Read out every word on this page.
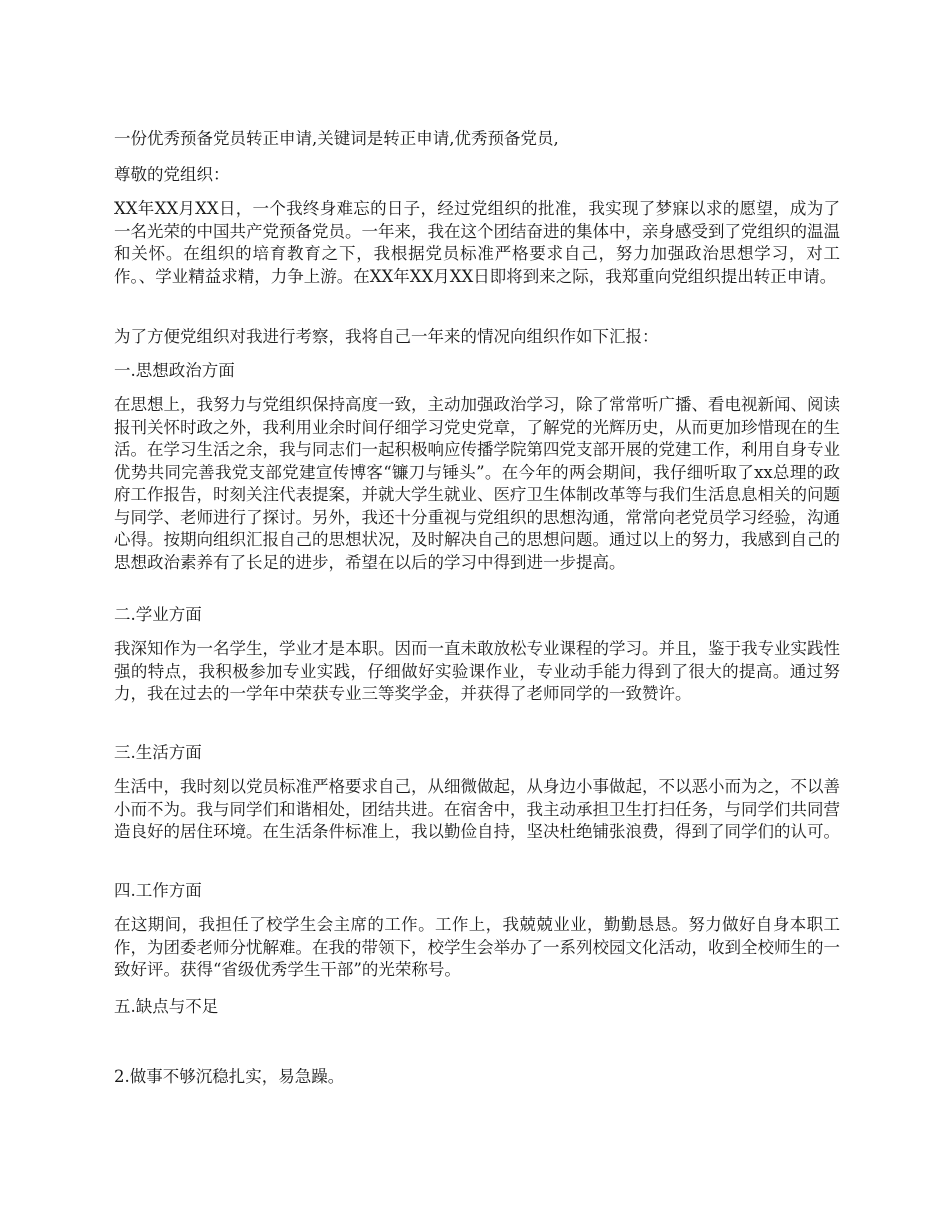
一份优秀预备党员转正申请,关键词是转正申请,优秀预备党员,

尊敬的党组织：

XX年XX月XX日，一个我终身难忘的日子，经过党组织的批准，我实现了梦寐以求的愿望，成为了一名光荣的中国共产党预备党员。一年来，我在这个团结奋进的集体中，亲身感受到了党组织的温温和关怀。在组织的培育教育之下，我根据党员标准严格要求自己，努力加强政治思想学习，对工作。、学业精益求精，力争上游。在XX年XX月XX日即将到来之际，我郑重向党组织提出转正申请。

为了方便党组织对我进行考察，我将自己一年来的情况向组织作如下汇报：

一.思想政治方面

在思想上，我努力与党组织保持高度一致，主动加强政治学习，除了常常听广播、看电视新闻、阅读报刊关怀时政之外，我利用业余时间仔细学习党史党章，了解党的光辉历史，从而更加珍惜现在的生活。在学习生活之余，我与同志们一起积极响应传播学院第四党支部开展的党建工作，利用自身专业优势共同完善我党支部党建宣传博客“镰刀与锤头”。在今年的两会期间，我仔细听取了xx总理的政府工作报告，时刻关注代表提案，并就大学生就业、医疗卫生体制改革等与我们生活息息相关的问题与同学、老师进行了探讨。另外，我还十分重视与党组织的思想沟通，常常向老党员学习经验，沟通心得。按期向组织汇报自己的思想状况，及时解决自己的思想问题。通过以上的努力，我感到自己的思想政治素养有了长足的进步，希望在以后的学习中得到进一步提高。

二.学业方面

我深知作为一名学生，学业才是本职。因而一直未敢放松专业课程的学习。并且，鉴于我专业实践性强的特点，我积极参加专业实践，仔细做好实验课作业，专业动手能力得到了很大的提高。通过努力，我在过去的一学年中荣获专业三等奖学金，并获得了老师同学的一致赞许。

三.生活方面

生活中，我时刻以党员标准严格要求自己，从细微做起，从身边小事做起，不以恶小而为之，不以善小而不为。我与同学们和谐相处，团结共进。在宿舍中，我主动承担卫生打扫任务，与同学们共同营造良好的居住环境。在生活条件标准上，我以勤俭自持，坚决杜绝铺张浪费，得到了同学们的认可。

四.工作方面

在这期间，我担任了校学生会主席的工作。工作上，我兢兢业业，勤勤恳恳。努力做好自身本职工作，为团委老师分忧解难。在我的带领下，校学生会举办了一系列校园文化活动，收到全校师生的一致好评。获得“省级优秀学生干部”的光荣称号。

五.缺点与不足

2.做事不够沉稳扎实，易急躁。
